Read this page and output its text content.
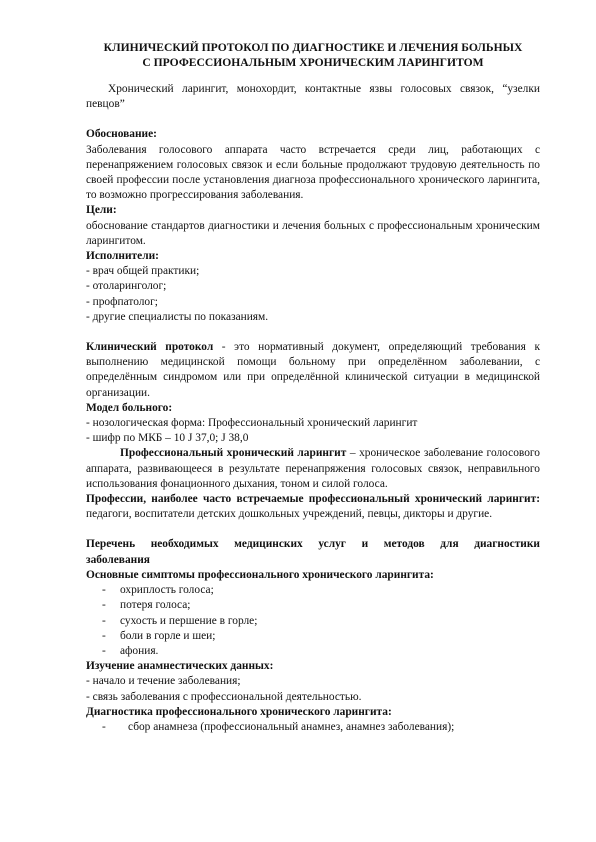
КЛИНИЧЕСКИЙ ПРОТОКОЛ ПО ДИАГНОСТИКЕ И ЛЕЧЕНИЯ БОЛЬНЫХ
С ПРОФЕССИОНАЛЬНЫМ ХРОНИЧЕСКИМ ЛАРИНГИТОМ

Хронический ларингит, монохордит, контактные язвы голосовых связок, “узелки певцов”

Обоснование:

Заболевания голосового аппарата часто встречается среди лиц, работающих с перенапряжением голосовых связок и если больные продолжают трудовую деятельность по своей профессии после установления диагноза профессионального хронического ларингита, то возможно прогрессирования заболевания.

Цели:

обоснование стандартов диагностики и лечения больных с профессиональным хроническим ларингитом.

Исполнители:
- врач общей практики;
- отоларинголог;
- профпатолог;
- другие специалисты по показаниям.

Клинический протокол - это нормативный документ, определяющий требования к выполнению медицинской помощи больному при определённом заболевании, с определённым синдромом или при определённой клинической ситуации в медицинской организации.

Модел больного:
- нозологическая форма: Профессиональный хронический ларингит
- шифр по МКБ – 10 J 37,0; J 38,0

Профессиональный хронический ларингит – хроническое заболевание голосового аппарата, развивающееся в результате перенапряжения голосовых связок, неправильного использования фонационного дыхания, тоном и силой голоса.

Профессии, наиболее часто встречаемые профессиональный хронический ларингит: педагоги, воспитатели детских дошкольных учреждений, певцы, дикторы и другие.

Перечень необходимых медицинских услуг и методов для диагностики
заболевания
Основные симптомы профессионального хронического ларингита:
-	охриплость голоса;
-	потеря голоса;
-	сухость и першение в горле;
-	боли в горле и шеи;
-	афония.
Изучение анамнестических данных:
- начало и течение заболевания;
- связь заболевания с профессиональной деятельностью.
Диагностика профессионального хронического ларингита:
-	сбор анамнеза (профессиональный анамнез, анамнез заболевания);
